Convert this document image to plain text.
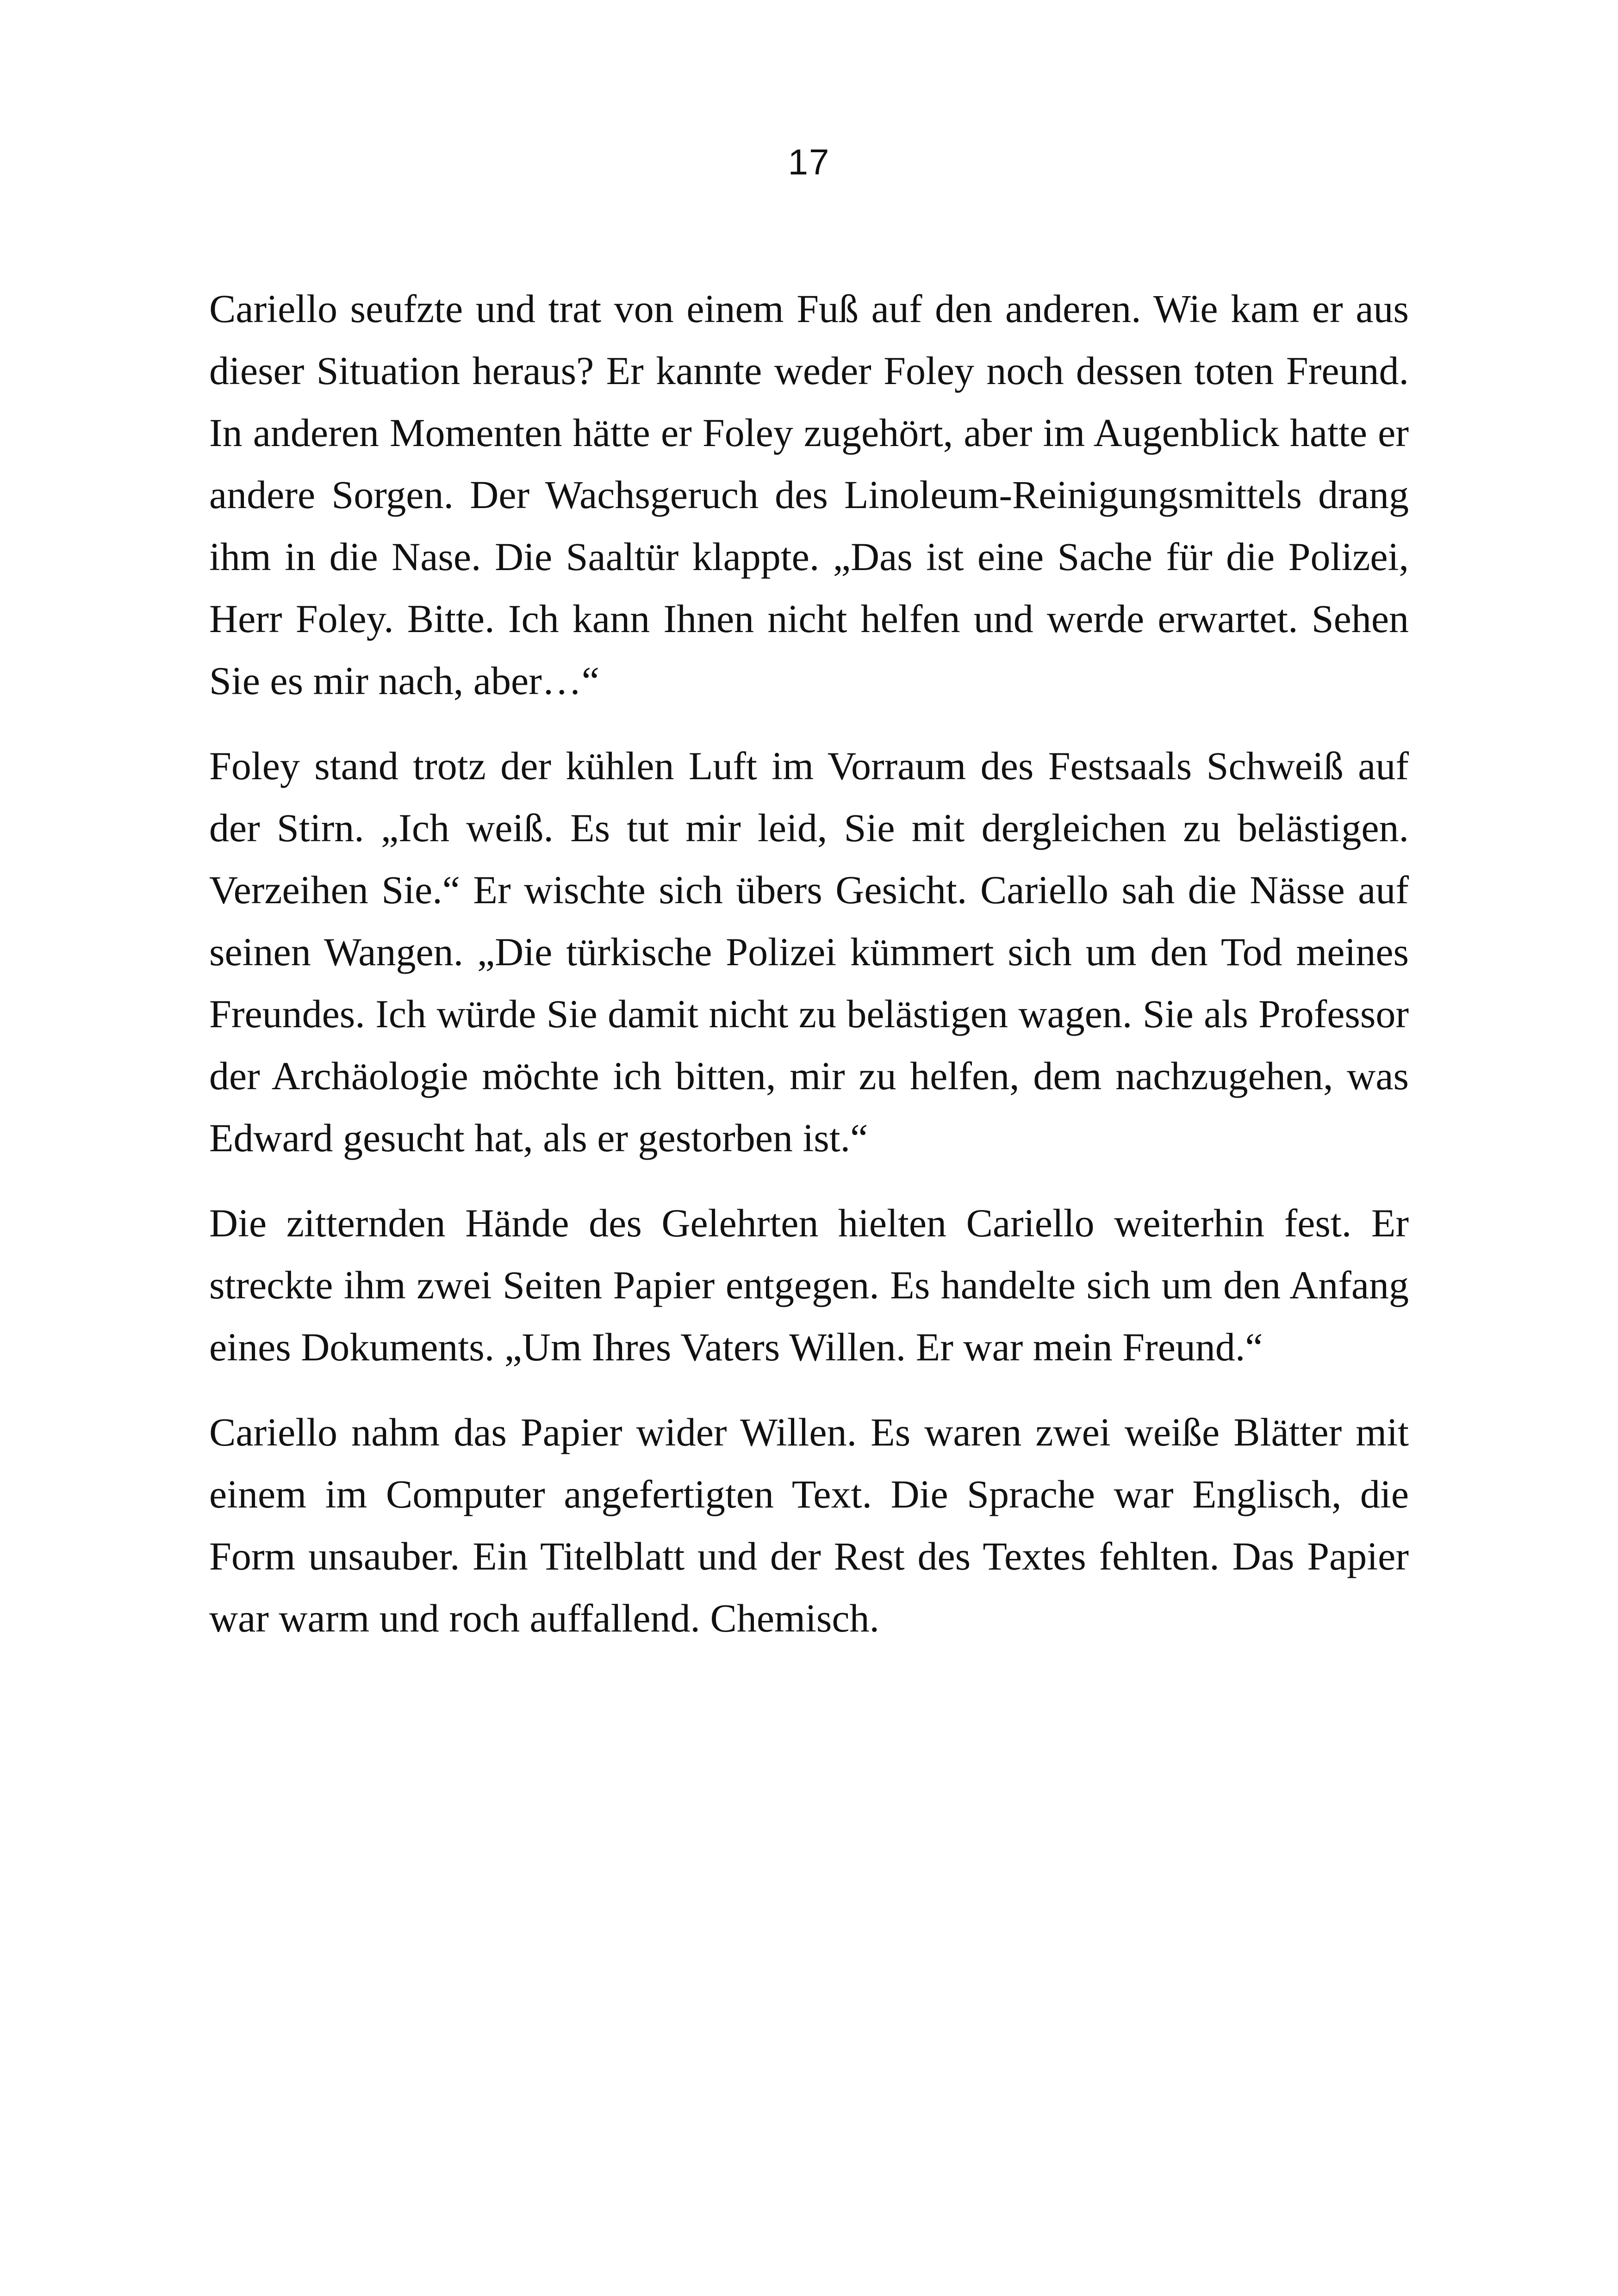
17

Cariello seufzte und trat von einem Fuß auf den anderen. Wie kam er aus dieser Situation heraus? Er kannte weder Foley noch dessen toten Freund. In anderen Momenten hätte er Foley zugehört, aber im Augenblick hatte er andere Sorgen. Der Wachsgeruch des Linoleum-Reinigungsmittels drang ihm in die Nase. Die Saaltür klappte. „Das ist eine Sache für die Polizei, Herr Foley. Bitte. Ich kann Ihnen nicht helfen und werde erwartet. Sehen Sie es mir nach, aber…“

Foley stand trotz der kühlen Luft im Vorraum des Festsaals Schweiß auf der Stirn. „Ich weiß. Es tut mir leid, Sie mit dergleichen zu belästigen. Verzeihen Sie.“ Er wischte sich übers Gesicht. Cariello sah die Nässe auf seinen Wangen. „Die türkische Polizei kümmert sich um den Tod meines Freundes. Ich würde Sie damit nicht zu belästigen wagen. Sie als Professor der Archäologie möchte ich bitten, mir zu helfen, dem nachzugehen, was Edward gesucht hat, als er gestorben ist.“

Die zitternden Hände des Gelehrten hielten Cariello weiterhin fest. Er streckte ihm zwei Seiten Papier entgegen. Es handelte sich um den Anfang eines Dokuments. „Um Ihres Vaters Willen. Er war mein Freund.“

Cariello nahm das Papier wider Willen. Es waren zwei weiße Blätter mit einem im Computer angefertigten Text. Die Sprache war Englisch, die Form unsauber. Ein Titelblatt und der Rest des Textes fehlten. Das Papier war warm und roch auffallend. Chemisch.
